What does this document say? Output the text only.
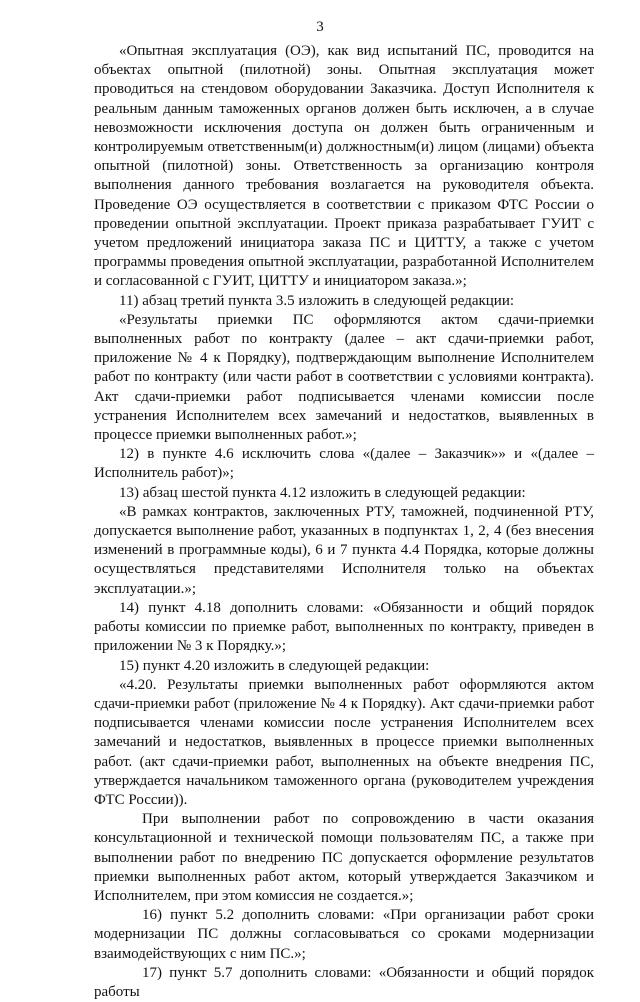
3

«Опытная эксплуатация (ОЭ), как вид испытаний ПС, проводится на объектах опытной (пилотной) зоны. Опытная эксплуатация может проводиться на стендовом оборудовании Заказчика. Доступ Исполнителя к реальным данным таможенных органов должен быть исключен, а в случае невозможности исключения доступа он должен быть ограниченным и контролируемым ответственным(и) должностным(и) лицом (лицами) объекта опытной (пилотной) зоны. Ответственность за организацию контроля выполнения данного требования возлагается на руководителя объекта. Проведение ОЭ осуществляется в соответствии с приказом ФТС России о проведении опытной эксплуатации. Проект приказа разрабатывает ГУИТ с учетом предложений инициатора заказа ПС и ЦИТТУ, а также с учетом программы проведения опытной эксплуатации, разработанной Исполнителем и согласованной с ГУИТ, ЦИТТУ и инициатором заказа.»;

11) абзац третий пункта 3.5 изложить в следующей редакции:

«Результаты приемки ПС оформляются актом сдачи-приемки выполненных работ по контракту (далее – акт сдачи-приемки работ, приложение № 4 к Порядку), подтверждающим выполнение Исполнителем работ по контракту (или части работ в соответствии с условиями контракта). Акт сдачи-приемки работ подписывается членами комиссии после устранения Исполнителем всех замечаний и недостатков, выявленных в процессе приемки выполненных работ.»;

12) в пункте 4.6 исключить слова «(далее – Заказчик»» и «(далее – Исполнитель работ)»;

13) абзац шестой пункта 4.12 изложить в следующей редакции:

«В рамках контрактов, заключенных РТУ, таможней, подчиненной РТУ, допускается выполнение работ, указанных в подпунктах 1, 2, 4 (без внесения изменений в программные коды), 6 и 7 пункта 4.4 Порядка, которые должны осуществляться представителями Исполнителя только на объектах эксплуатации.»;

14) пункт 4.18 дополнить словами: «Обязанности и общий порядок работы комиссии по приемке работ, выполненных по контракту, приведен в приложении № 3 к Порядку.»;

15) пункт 4.20 изложить в следующей редакции:

«4.20. Результаты приемки выполненных работ оформляются актом сдачи-приемки работ (приложение № 4 к Порядку). Акт сдачи-приемки работ подписывается членами комиссии после устранения Исполнителем всех замечаний и недостатков, выявленных в процессе приемки выполненных работ. (акт сдачи-приемки работ, выполненных на объекте внедрения ПС, утверждается начальником таможенного органа (руководителем учреждения ФТС России)).

При выполнении работ по сопровождению в части оказания консультационной и технической помощи пользователям ПС, а также при выполнении работ по внедрению ПС допускается оформление результатов приемки выполненных работ актом, который утверждается Заказчиком и Исполнителем, при этом комиссия не создается.»;

16) пункт 5.2 дополнить словами: «При организации работ сроки модернизации ПС должны согласовываться со сроками модернизации взаимодействующих с ним ПС.»;

17) пункт 5.7 дополнить словами: «Обязанности и общий порядок работы
